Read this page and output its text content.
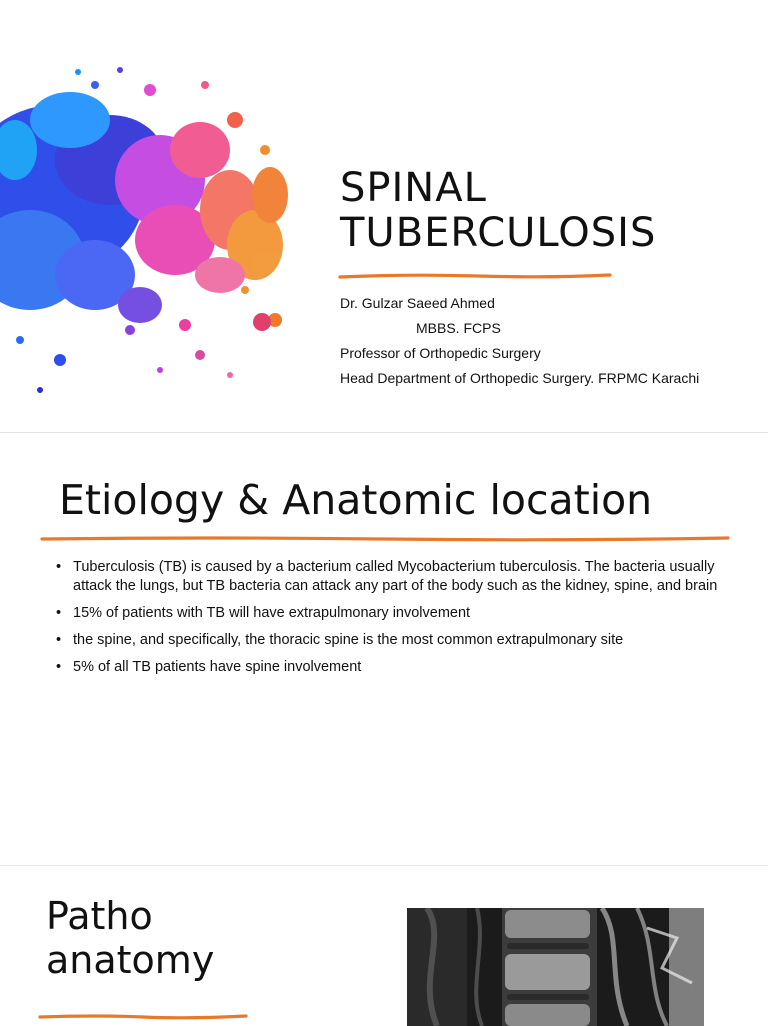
SPINAL
TUBERCULOSIS
Dr. Gulzar Saeed Ahmed
MBBS. FCPS
Professor of Orthopedic Surgery
Head Department of Orthopedic Surgery. FRPMC Karachi
Etiology & Anatomic location
• Tuberculosis (TB) is caused by a bacterium called Mycobacterium tuberculosis. The bacteria usually attack the lungs, but TB bacteria can attack any part of the body such as the kidney, spine, and brain
• 15% of patients with TB will have extrapulmonary involvement
• the spine, and specifically, the thoracic spine is the most common extrapulmonary site
• 5% of all TB patients have spine involvement
Patho
anatomy
